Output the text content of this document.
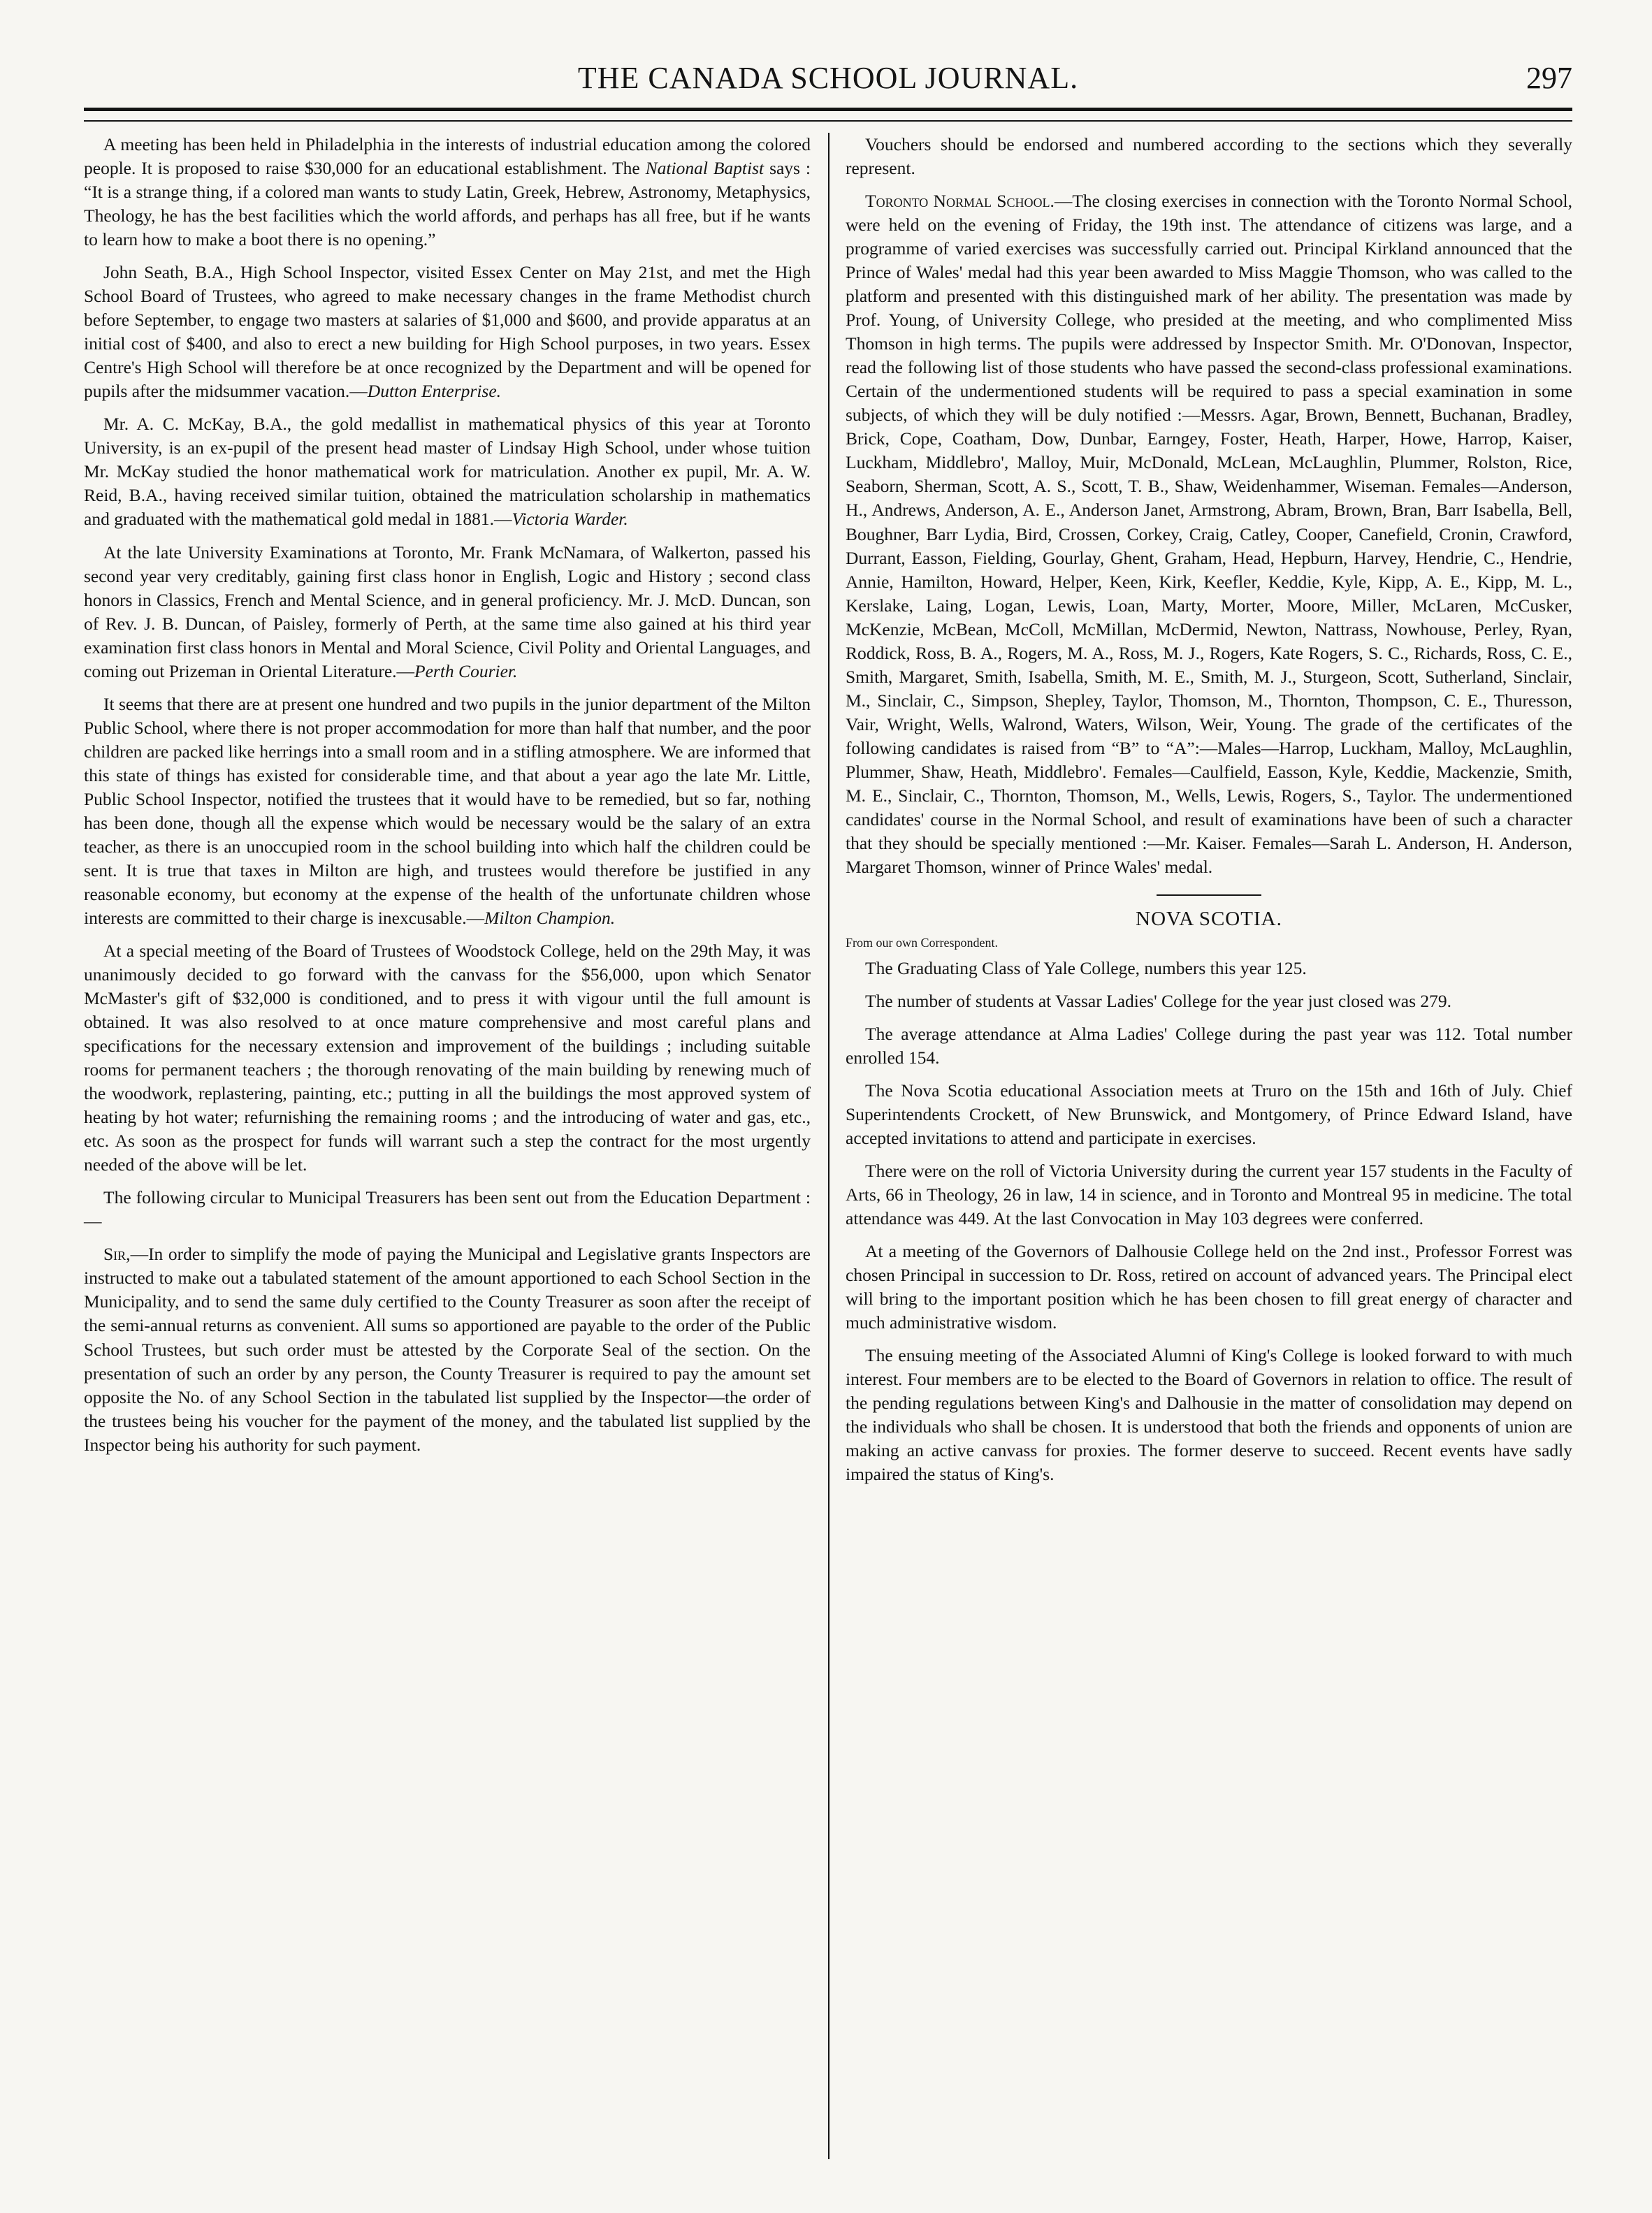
THE CANADA SCHOOL JOURNAL.	297

A meeting has been held in Philadelphia in the interests of industrial education among the colored people. It is proposed to raise $30,000 for an educational establishment. The National Baptist says : “It is a strange thing, if a colored man wants to study Latin, Greek, Hebrew, Astronomy, Metaphysics, Theology, he has the best facilities which the world affords, and perhaps has all free, but if he wants to learn how to make a boot there is no opening.”

John Seath, B.A., High School Inspector, visited Essex Center on May 21st, and met the High School Board of Trustees, who agreed to make necessary changes in the frame Methodist church before September, to engage two masters at salaries of $1,000 and $600, and provide apparatus at an initial cost of $400, and also to erect a new building for High School purposes, in two years. Essex Centre's High School will therefore be at once recognized by the Department and will be opened for pupils after the midsummer vacation.—Dutton Enterprise.

Mr. A. C. McKay, B.A., the gold medallist in mathematical physics of this year at Toronto University, is an ex-pupil of the present head master of Lindsay High School, under whose tuition Mr. McKay studied the honor mathematical work for matriculation. Another ex pupil, Mr. A. W. Reid, B.A., having received similar tuition, obtained the matriculation scholarship in mathematics and graduated with the mathematical gold medal in 1881.—Victoria Warder.

At the late University Examinations at Toronto, Mr. Frank McNamara, of Walkerton, passed his second year very creditably, gaining first class honor in English, Logic and History ; second class honors in Classics, French and Mental Science, and in general proficiency. Mr. J. McD. Duncan, son of Rev. J. B. Duncan, of Paisley, formerly of Perth, at the same time also gained at his third year examination first class honors in Mental and Moral Science, Civil Polity and Oriental Languages, and coming out Prizeman in Oriental Literature.—Perth Courier.

It seems that there are at present one hundred and two pupils in the junior department of the Milton Public School, where there is not proper accommodation for more than half that number, and the poor children are packed like herrings into a small room and in a stifling atmosphere. We are informed that this state of things has existed for considerable time, and that about a year ago the late Mr. Little, Public School Inspector, notified the trustees that it would have to be remedied, but so far, nothing has been done, though all the expense which would be necessary would be the salary of an extra teacher, as there is an unoccupied room in the school building into which half the children could be sent. It is true that taxes in Milton are high, and trustees would therefore be justified in any reasonable economy, but economy at the expense of the health of the unfortunate children whose interests are committed to their charge is inexcusable.—Milton Champion.

At a special meeting of the Board of Trustees of Woodstock College, held on the 29th May, it was unanimously decided to go forward with the canvass for the $56,000, upon which Senator McMaster's gift of $32,000 is conditioned, and to press it with vigour until the full amount is obtained. It was also resolved to at once mature comprehensive and most careful plans and specifications for the necessary extension and improvement of the buildings ; including suitable rooms for permanent teachers ; the thorough renovating of the main building by renewing much of the woodwork, replastering, painting, etc.; putting in all the buildings the most approved system of heating by hot water; refurnishing the remaining rooms ; and the introducing of water and gas, etc., etc. As soon as the prospect for funds will warrant such a step the contract for the most urgently needed of the above will be let.

The following circular to Municipal Treasurers has been sent out from the Education Department :—

Sir,—In order to simplify the mode of paying the Municipal and Legislative grants Inspectors are instructed to make out a tabulated statement of the amount apportioned to each School Section in the Municipality, and to send the same duly certified to the County Treasurer as soon after the receipt of the semi-annual returns as convenient. All sums so apportioned are payable to the order of the Public School Trustees, but such order must be attested by the Corporate Seal of the section. On the presentation of such an order by any person, the County Treasurer is required to pay the amount set opposite the No. of any School Section in the tabulated list supplied by the Inspector—the order of the trustees being his voucher for the payment of the money, and the tabulated list supplied by the Inspector being his authority for such payment.

Vouchers should be endorsed and numbered according to the sections which they severally represent.

Toronto Normal School.—The closing exercises in connection with the Toronto Normal School, were held on the evening of Friday, the 19th inst. The attendance of citizens was large, and a programme of varied exercises was successfully carried out. Principal Kirkland announced that the Prince of Wales' medal had this year been awarded to Miss Maggie Thomson, who was called to the platform and presented with this distinguished mark of her ability. The presentation was made by Prof. Young, of University College, who presided at the meeting, and who complimented Miss Thomson in high terms. The pupils were addressed by Inspector Smith. Mr. O'Donovan, Inspector, read the following list of those students who have passed the second-class professional examinations. Certain of the undermentioned students will be required to pass a special examination in some subjects, of which they will be duly notified :—Messrs. Agar, Brown, Bennett, Buchanan, Bradley, Brick, Cope, Coatham, Dow, Dunbar, Earngey, Foster, Heath, Harper, Howe, Harrop, Kaiser, Luckham, Middlebro', Malloy, Muir, McDonald, McLean, McLaughlin, Plummer, Rolston, Rice, Seaborn, Sherman, Scott, A. S., Scott, T. B., Shaw, Weidenhammer, Wiseman. Females—Anderson, H., Andrews, Anderson, A. E., Anderson Janet, Armstrong, Abram, Brown, Bran, Barr Isabella, Bell, Boughner, Barr Lydia, Bird, Crossen, Corkey, Craig, Catley, Cooper, Canefield, Cronin, Crawford, Durrant, Easson, Fielding, Gourlay, Ghent, Graham, Head, Hepburn, Harvey, Hendrie, C., Hendrie, Annie, Hamilton, Howard, Helper, Keen, Kirk, Keefler, Keddie, Kyle, Kipp, A. E., Kipp, M. L., Kerslake, Laing, Logan, Lewis, Loan, Marty, Morter, Moore, Miller, McLaren, McCusker, McKenzie, McBean, McColl, McMillan, McDermid, Newton, Nattrass, Nowhouse, Perley, Ryan, Roddick, Ross, B. A., Rogers, M. A., Ross, M. J., Rogers, Kate Rogers, S. C., Richards, Ross, C. E., Smith, Margaret, Smith, Isabella, Smith, M. E., Smith, M. J., Sturgeon, Scott, Sutherland, Sinclair, M., Sinclair, C., Simpson, Shepley, Taylor, Thomson, M., Thornton, Thompson, C. E., Thuresson, Vair, Wright, Wells, Walrond, Waters, Wilson, Weir, Young. The grade of the certificates of the following candidates is raised from “B” to “A”:—Males—Harrop, Luckham, Malloy, McLaughlin, Plummer, Shaw, Heath, Middlebro'. Females—Caulfield, Easson, Kyle, Keddie, Mackenzie, Smith, M. E., Sinclair, C., Thornton, Thomson, M., Wells, Lewis, Rogers, S., Taylor. The undermentioned candidates' course in the Normal School, and result of examinations have been of such a character that they should be specially mentioned :—Mr. Kaiser. Females—Sarah L. Anderson, H. Anderson, Margaret Thomson, winner of Prince Wales' medal.

NOVA SCOTIA.
From our own Correspondent.

The Graduating Class of Yale College, numbers this year 125.

The number of students at Vassar Ladies' College for the year just closed was 279.

The average attendance at Alma Ladies' College during the past year was 112. Total number enrolled 154.

The Nova Scotia educational Association meets at Truro on the 15th and 16th of July. Chief Superintendents Crockett, of New Brunswick, and Montgomery, of Prince Edward Island, have accepted invitations to attend and participate in exercises.

There were on the roll of Victoria University during the current year 157 students in the Faculty of Arts, 66 in Theology, 26 in law, 14 in science, and in Toronto and Montreal 95 in medicine. The total attendance was 449. At the last Convocation in May 103 degrees were conferred.

At a meeting of the Governors of Dalhousie College held on the 2nd inst., Professor Forrest was chosen Principal in succession to Dr. Ross, retired on account of advanced years. The Principal elect will bring to the important position which he has been chosen to fill great energy of character and much administrative wisdom.

The ensuing meeting of the Associated Alumni of King's College is looked forward to with much interest. Four members are to be elected to the Board of Governors in relation to office. The result of the pending regulations between King's and Dalhousie in the matter of consolidation may depend on the individuals who shall be chosen. It is understood that both the friends and opponents of union are making an active canvass for proxies. The former deserve to succeed. Recent events have sadly impaired the status of King's.
